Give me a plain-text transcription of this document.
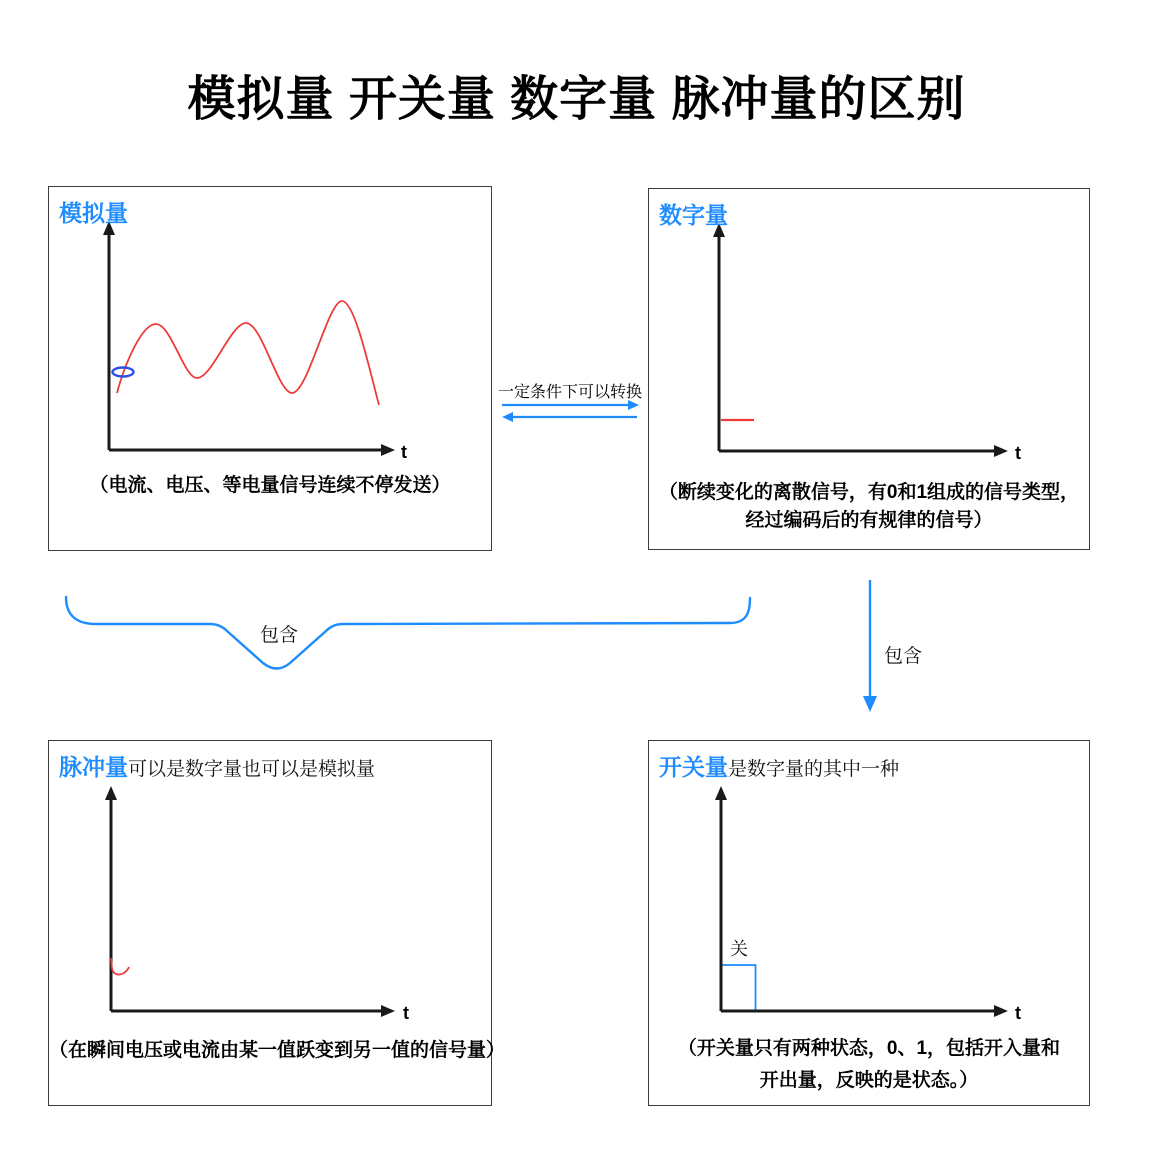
模拟量 开关量 数字量 脉冲量的区别
t
模拟量
（电流、电压、等电量信号连续不停发送）
t
数字量
（断续变化的离散信号，有0和1组成的信号类型，
经过编码后的有规律的信号）
一定条件下可以转换
包含
包含
t
脉冲量可以是数字量也可以是模拟量
（在瞬间电压或电流由某一值跃变到另一值的信号量）
关
t
开关量是数字量的其中一种
（开关量只有两种状态，0、1，包括开入量和
开出量，反映的是状态。）
